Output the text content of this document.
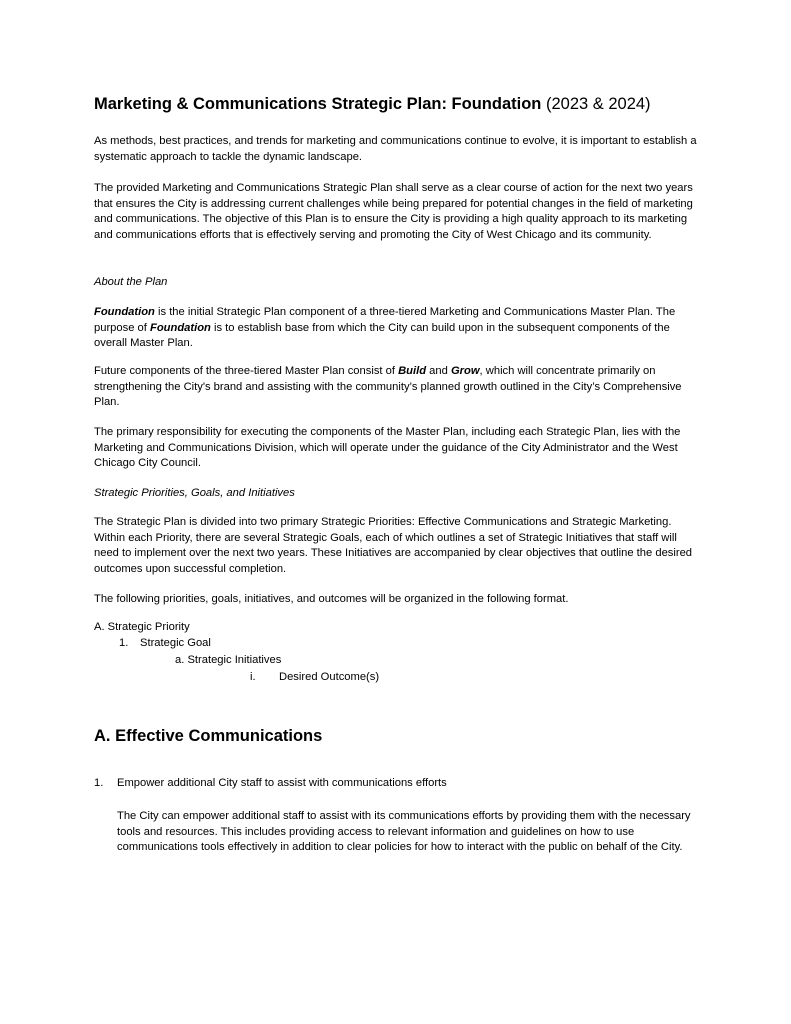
Marketing & Communications Strategic Plan: Foundation (2023 & 2024)

As methods, best practices, and trends for marketing and communications continue to evolve, it is important to establish a systematic approach to tackle the dynamic landscape.

The provided Marketing and Communications Strategic Plan shall serve as a clear course of action for the next two years that ensures the City is addressing current challenges while being prepared for potential changes in the field of marketing and communications. The objective of this Plan is to ensure the City is providing a high quality approach to its marketing and communications efforts that is effectively serving and promoting the City of West Chicago and its community.

About the Plan

Foundation is the initial Strategic Plan component of a three-tiered Marketing and Communications Master Plan. The purpose of Foundation is to establish base from which the City can build upon in the subsequent components of the overall Master Plan.

Future components of the three-tiered Master Plan consist of Build and Grow, which will concentrate primarily on strengthening the City's brand and assisting with the community’s planned growth outlined in the City’s Comprehensive Plan.

The primary responsibility for executing the components of the Master Plan, including each Strategic Plan, lies with the Marketing and Communications Division, which will operate under the guidance of the City Administrator and the West Chicago City Council.

Strategic Priorities, Goals, and Initiatives

The Strategic Plan is divided into two primary Strategic Priorities: Effective Communications and Strategic Marketing. Within each Priority, there are several Strategic Goals, each of which outlines a set of Strategic Initiatives that staff will need to implement over the next two years. These Initiatives are accompanied by clear objectives that outline the desired outcomes upon successful completion.

The following priorities, goals, initiatives, and outcomes will be organized in the following format.

A. Strategic Priority
1. Strategic Goal
a. Strategic Initiatives
i. Desired Outcome(s)
A. Effective Communications
1. Empower additional City staff to assist with communications efforts

The City can empower additional staff to assist with its communications efforts by providing them with the necessary tools and resources. This includes providing access to relevant information and guidelines on how to use communications tools effectively in addition to clear policies for how to interact with the public on behalf of the City.
